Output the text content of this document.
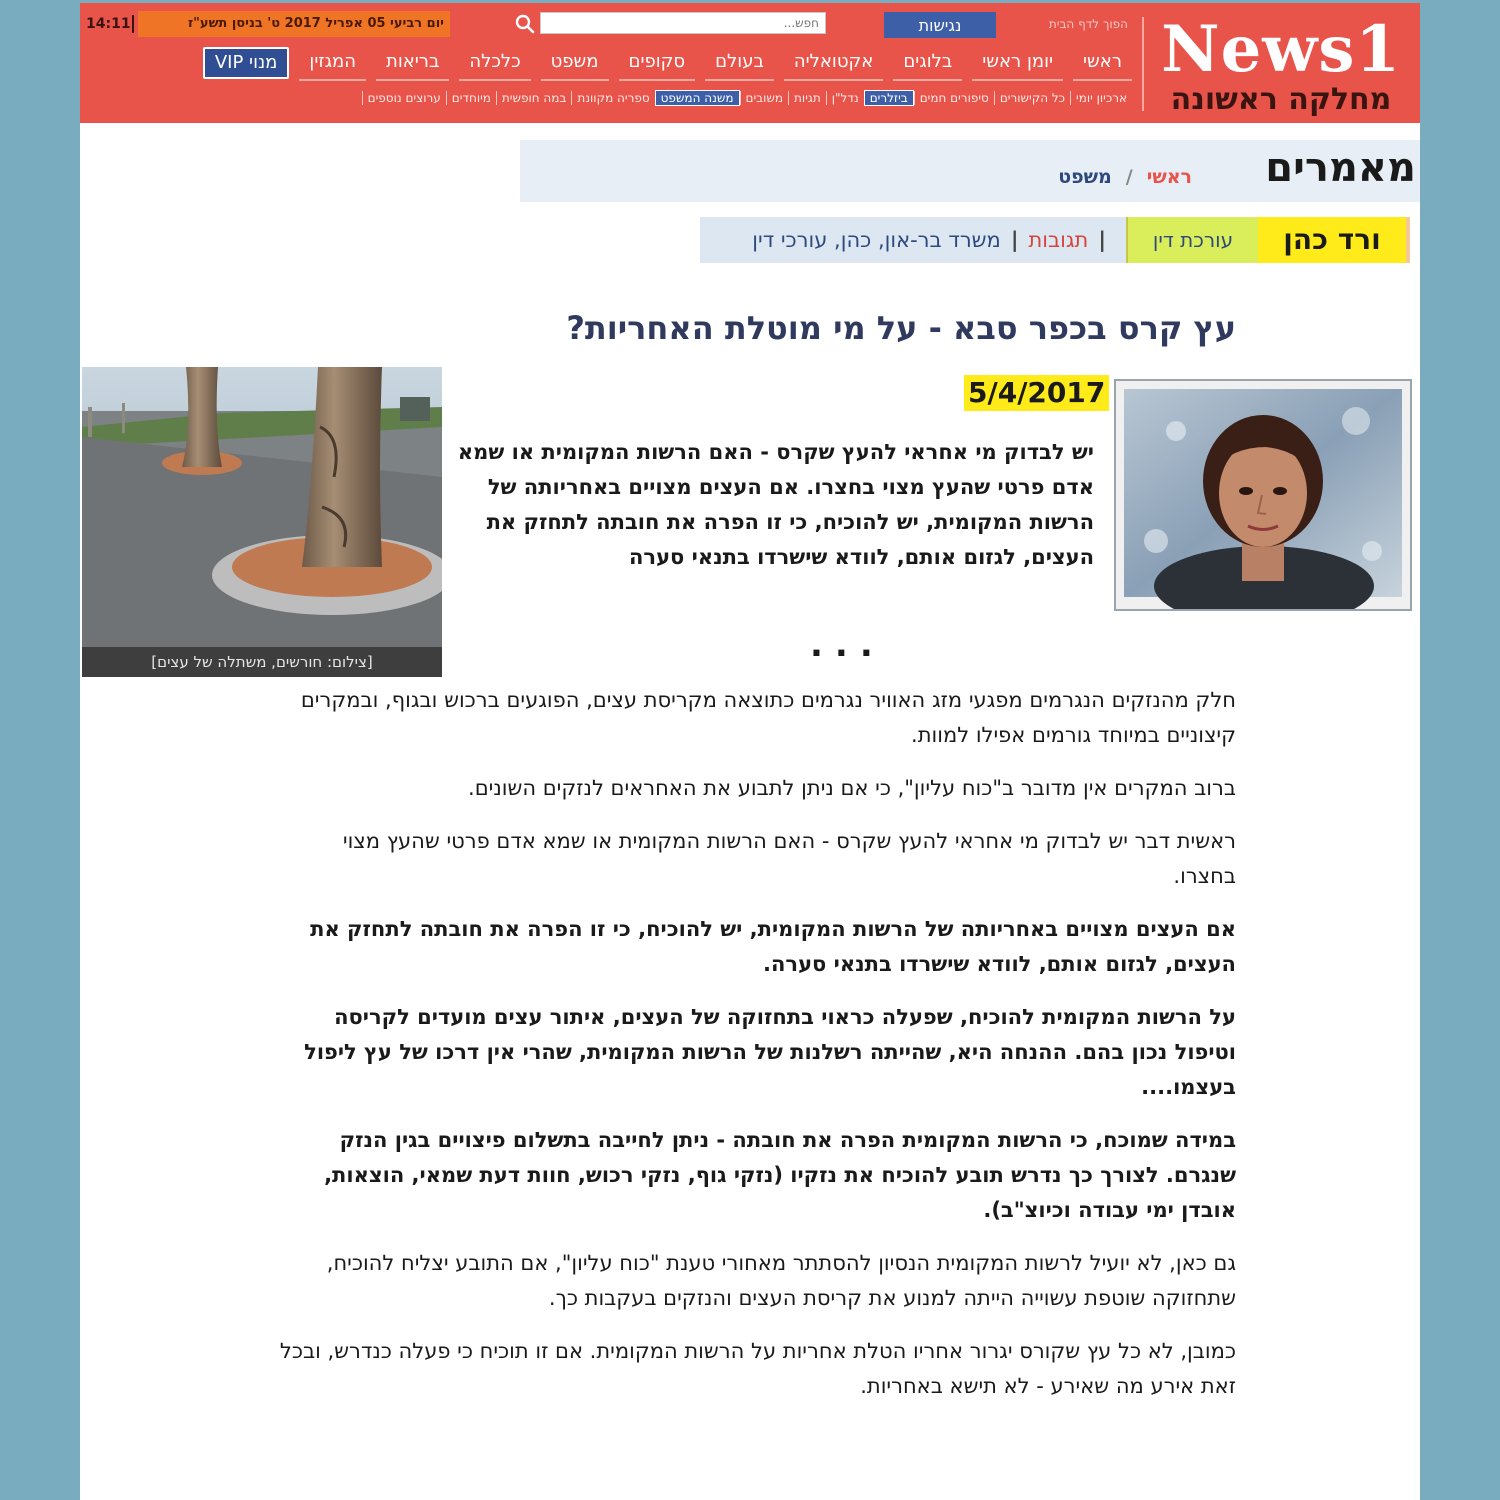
News1
מחלקה ראשונה
14:11	יום רביעי 05 אפריל 2017 ט' בניסן תשע"ז
חפש...	נגישות	הפוך לדף הבית
ראשי
יומן ראשי
בלוגים
אקטואליה
בעולם
סקופים
משפט
כלכלה
בריאות
המגזין
מנוי VIP
ארכיון יומי
כל הקישורים
סיפורים חמים
ביזלרים
נדל"ן
תגיות
משובים
משנה המשפט
ספריה מקוונת
במה חופשית
מיוחדים
ערוצים נוספים
מאמרים
ראשי/משפט
ורד כהן
עורכת דין
|תגובות|משרד בר-און, כהן, עורכי דין
עץ קרס בכפר סבא - על מי מוטלת האחריות?
5/4/2017

יש לבדוק מי אחראי להעץ שקרס - האם הרשות המקומית או שמא אדם פרטי שהעץ מצוי בחצרו. אם העצים מצויים באחריותה של הרשות המקומית, יש להוכיח, כי זו הפרה את חובתה לתחזק את העצים, לגזום אותם, לוודא שישרדו בתנאי סערה

...
[צילום: חורשים, משתלה של עצים]

חלק מהנזקים הנגרמים מפגעי מזג האוויר נגרמים כתוצאה מקריסת עצים, הפוגעים ברכוש ובגוף, ובמקרים קיצוניים במיוחד גורמים אפילו למוות.

ברוב המקרים אין מדובר ב"כוח עליון", כי אם ניתן לתבוע את האחראים לנזקים השונים.

ראשית דבר יש לבדוק מי אחראי להעץ שקרס - האם הרשות המקומית או שמא אדם פרטי שהעץ מצוי בחצרו.

אם העצים מצויים באחריותה של הרשות המקומית, יש להוכיח, כי זו הפרה את חובתה לתחזק את העצים, לגזום אותם, לוודא שישרדו בתנאי סערה.

על הרשות המקומית להוכיח, שפעלה כראוי בתחזוקה של העצים, איתור עצים מועדים לקריסה וטיפול נכון בהם. ההנחה היא, שהייתה רשלנות של הרשות המקומית, שהרי אין דרכו של עץ ליפול בעצמו....

במידה שמוכח, כי הרשות המקומית הפרה את חובתה - ניתן לחייבה בתשלום פיצויים בגין הנזק שנגרם. לצורך כך נדרש תובע להוכיח את נזקיו (נזקי גוף, נזקי רכוש, חוות דעת שמאי, הוצאות, אובדן ימי עבודה וכיוצ"ב).

גם כאן, לא יועיל לרשות המקומית הנסיון להסתתר מאחורי טענת "כוח עליון", אם התובע יצליח להוכיח, שתחזוקה שוטפת עשוייה הייתה למנוע את קריסת העצים והנזקים בעקבות כך.

כמובן, לא כל עץ שקורס יגרור אחריו הטלת אחריות על הרשות המקומית. אם זו תוכיח כי פעלה כנדרש, ובכל זאת אירע מה שאירע - לא תישא באחריות.
